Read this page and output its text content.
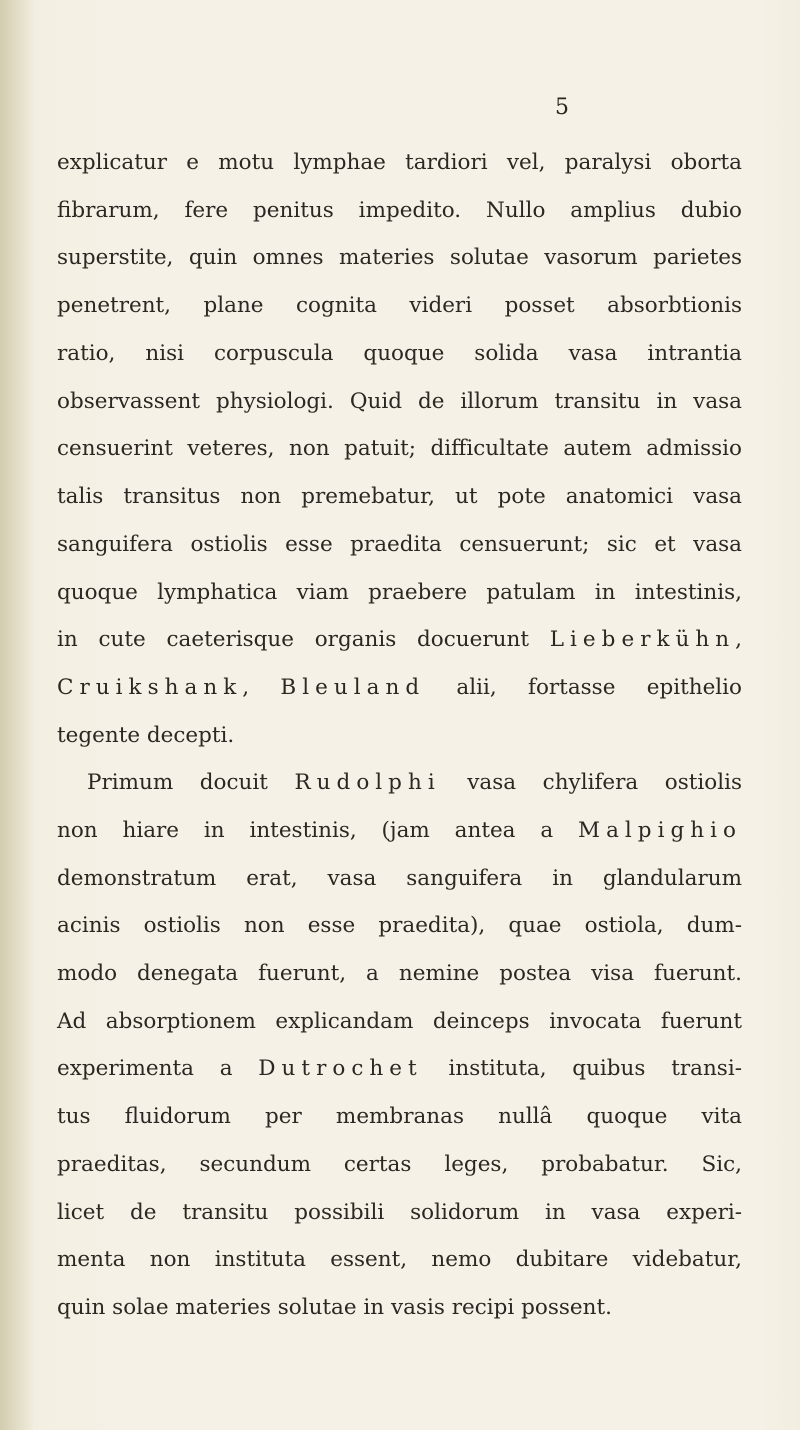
5
explicatur e motu lymphae tardiori vel, paralysi oborta
fibrarum, fere penitus impedito. Nullo amplius dubio
superstite, quin omnes materies solutae vasorum parietes
penetrent, plane cognita videri posset absorbtionis
ratio, nisi corpuscula quoque solida vasa intrantia
observassent physiologi. Quid de illorum transitu in vasa
censuerint veteres, non patuit; difficultate autem admissio
talis transitus non premebatur, ut pote anatomici vasa
sanguifera ostiolis esse praedita censuerunt; sic et vasa
quoque lymphatica viam praebere patulam in intestinis,
in cute caeterisque organis docuerunt Lieberkühn,
Cruikshank, Bleuland alii, fortasse epithelio
tegente decepti.
Primum docuit Rudolphi vasa chylifera ostiolis
non hiare in intestinis, (jam antea a Malpighio
demonstratum erat, vasa sanguifera in glandularum
acinis ostiolis non esse praedita), quae ostiola, dum-
modo denegata fuerunt, a nemine postea visa fuerunt.
Ad absorptionem explicandam deinceps invocata fuerunt
experimenta a Dutrochet instituta, quibus transi-
tus fluidorum per membranas nullâ quoque vita
praeditas, secundum certas leges, probabatur. Sic,
licet de transitu possibili solidorum in vasa experi-
menta non instituta essent, nemo dubitare videbatur,
quin solae materies solutae in vasis recipi possent.
